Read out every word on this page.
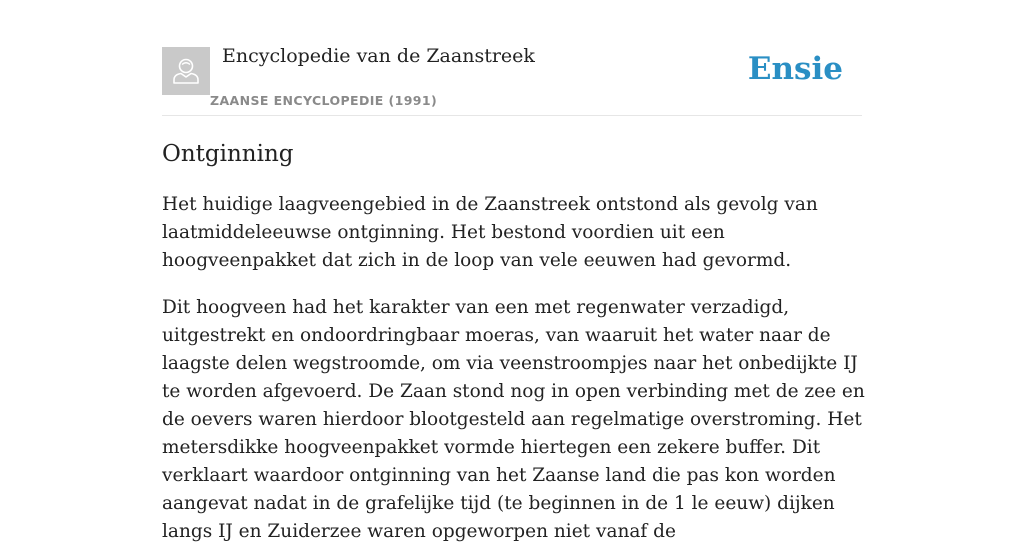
Encyclopedie van de Zaanstreek
ZAANSE ENCYCLOPEDIE (1991)
Ensie
Ontginning

Het huidige laagveengebied in de Zaanstreek ontstond als gevolg van laatmiddeleeuwse ontginning. Het bestond voordien uit een hoogveenpakket dat zich in de loop van vele eeuwen had gevormd.

Dit hoogveen had het karakter van een met regenwater verzadigd, uitgestrekt en ondoordringbaar moeras, van waaruit het water naar de laagste delen wegstroomde, om via veenstroompjes naar het onbedijkte IJ te worden afgevoerd. De Zaan stond nog in open verbinding met de zee en de oevers waren hierdoor blootgesteld aan regelmatige overstroming. Het metersdikke hoogveenpakket vormde hiertegen een zekere buffer. Dit verklaart waardoor ontginning van het Zaanse land die pas kon worden aangevat nadat in de grafelijke tijd (te beginnen in de 1 le eeuw) dijken langs IJ en Zuiderzee waren opgeworpen niet vanaf de
